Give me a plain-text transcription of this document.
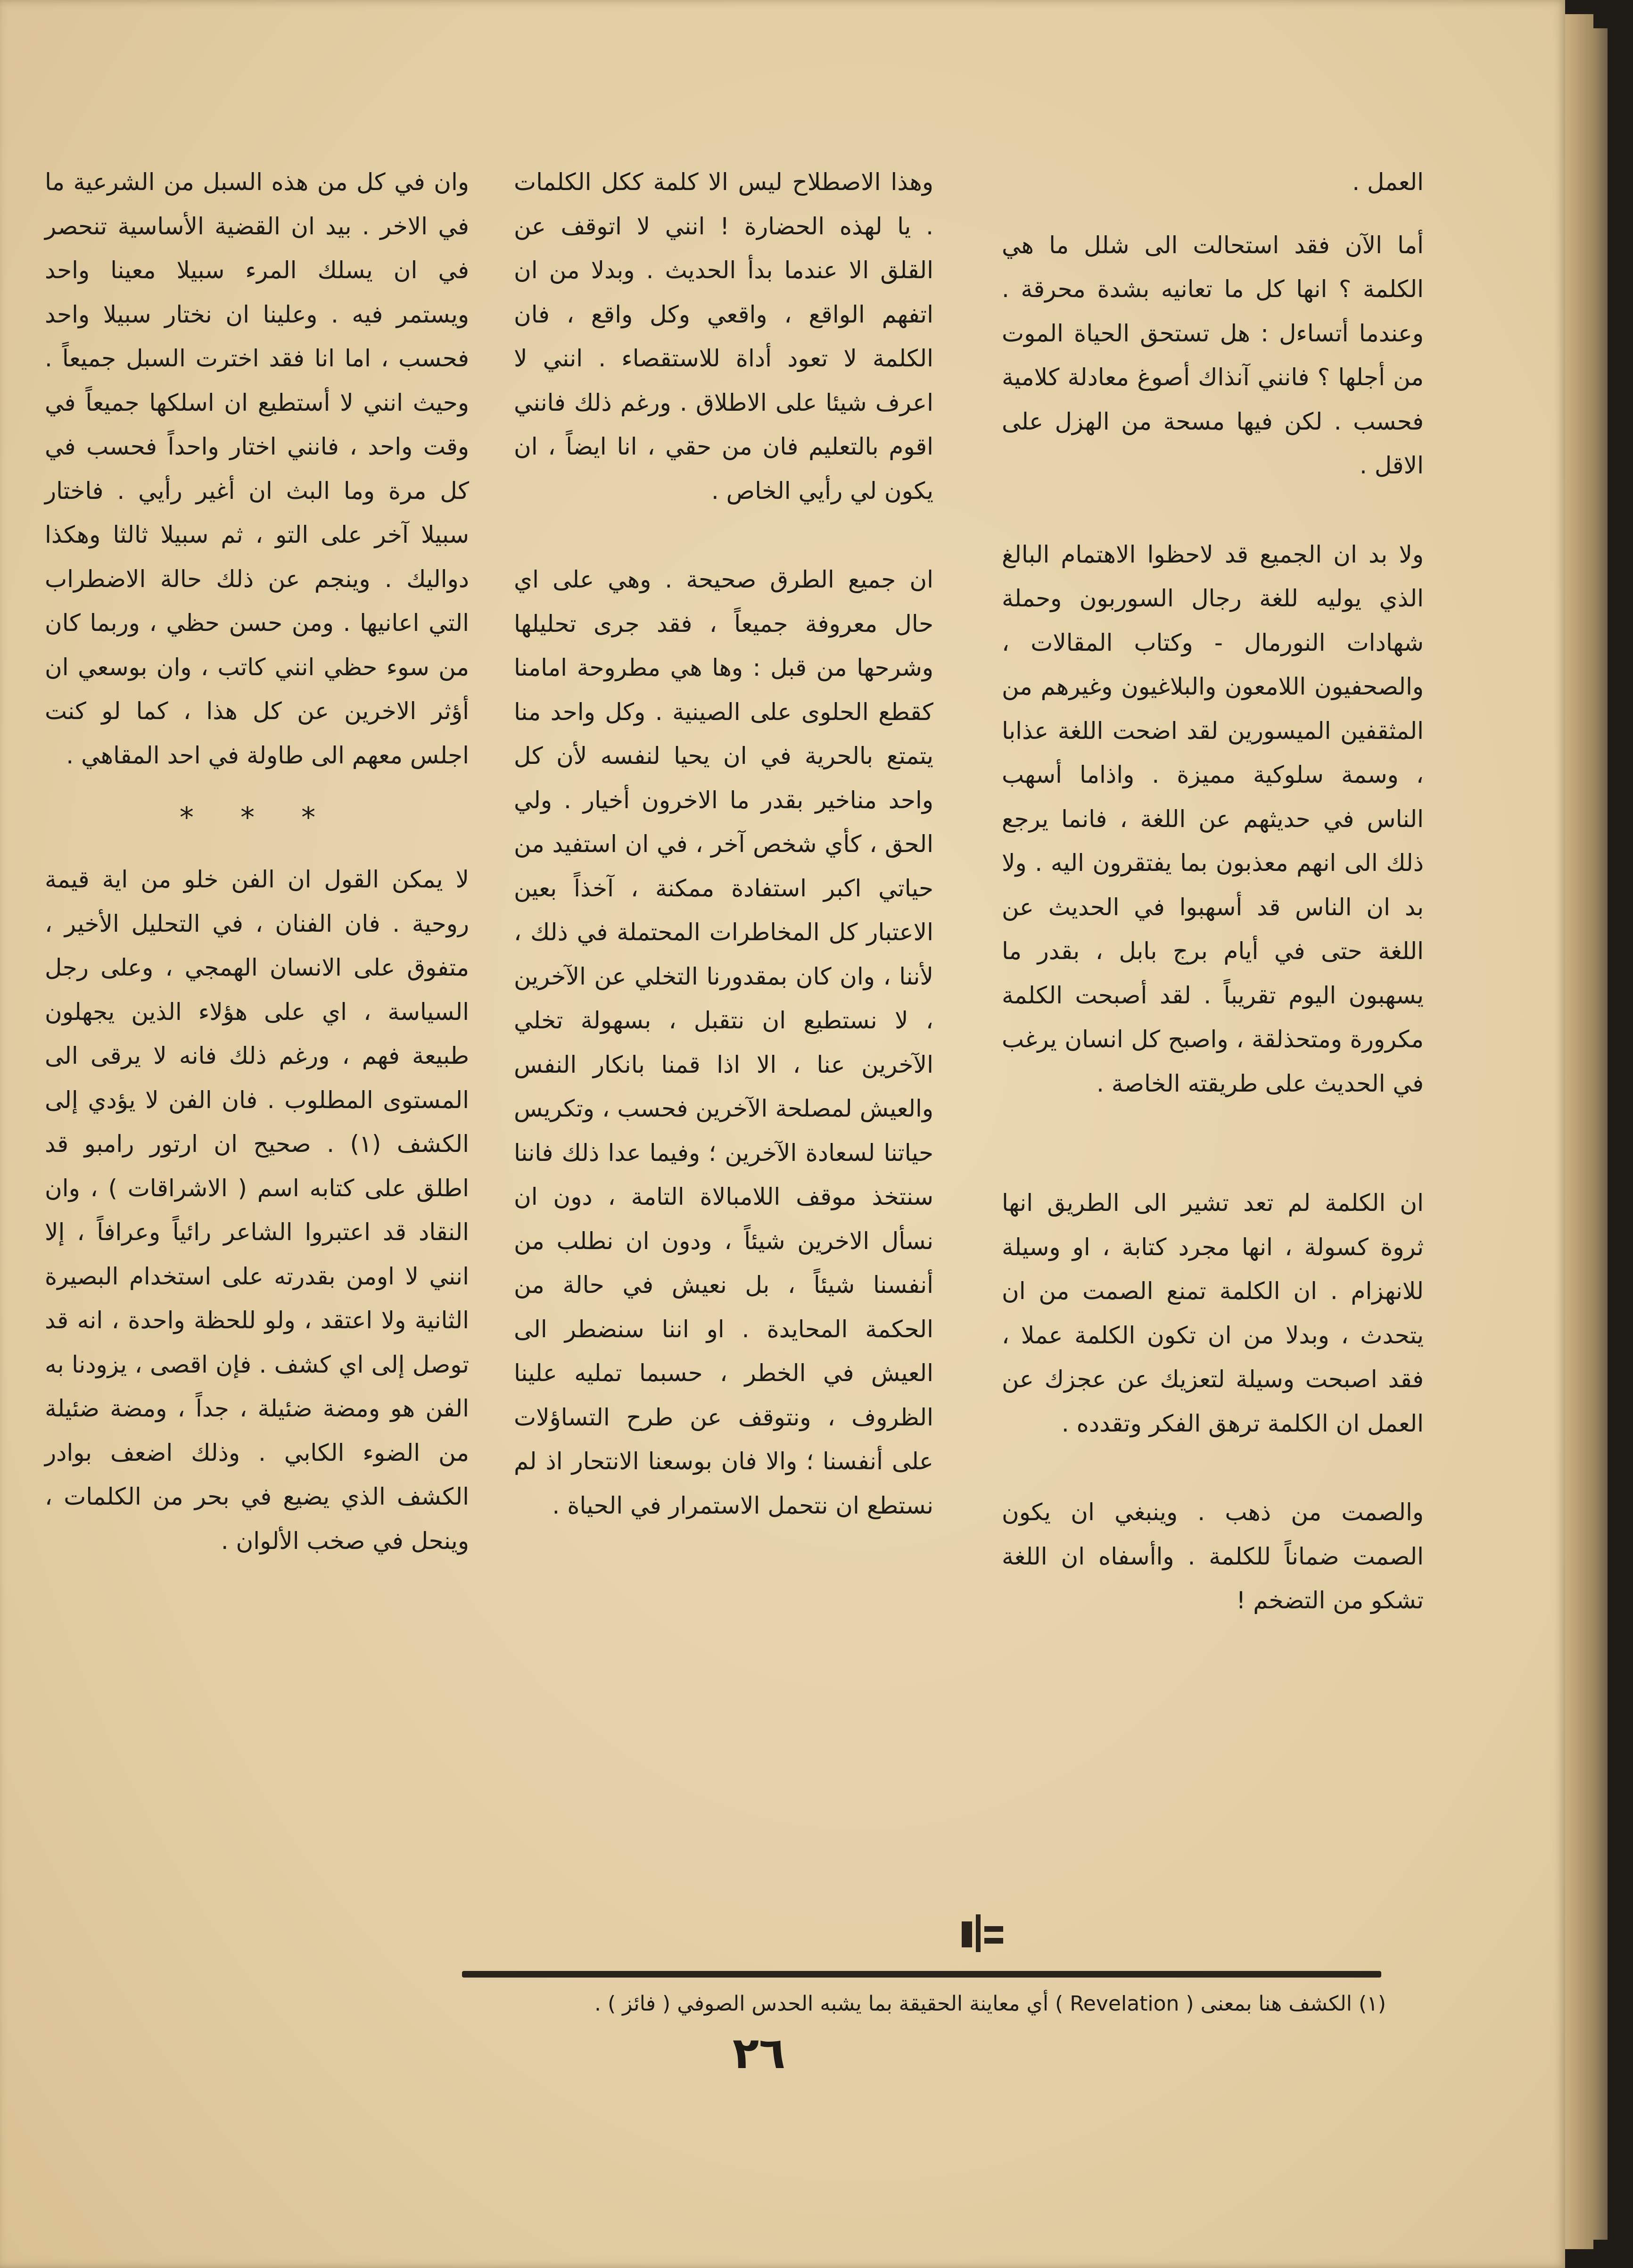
العمل .

أما الآن فقد استحالت الى شلل ما هي الكلمة ؟ انها كل ما تعانيه بشدة محرقة . وعندما أتساءل : هل تستحق الحياة الموت من أجلها ؟ فانني آنذاك أصوغ معادلة كلامية فحسب . لكن فيها مسحة من الهزل على الاقل .

ولا بد ان الجميع قد لاحظوا الاهتمام البالغ الذي يوليه للغة رجال السوربون وحملة شهادات النورمال - وكتاب المقالات ، والصحفيون اللامعون والبلاغيون وغيرهم من المثقفين الميسورين لقد اضحت اللغة عذابا ، وسمة سلوكية مميزة . واذاما أسهب الناس في حديثهم عن اللغة ، فانما يرجع ذلك الى انهم معذبون بما يفتقرون اليه . ولا بد ان الناس قد أسهبوا في الحديث عن اللغة حتى في أيام برج بابل ، بقدر ما يسهبون اليوم تقريباً . لقد أصبحت الكلمة مكرورة ومتحذلقة ، واصبح كل انسان يرغب في الحديث على طريقته الخاصة .

ان الكلمة لم تعد تشير الى الطريق انها ثروة كسولة ، انها مجرد كتابة ، او وسيلة للانهزام . ان الكلمة تمنع الصمت من ان يتحدث ، وبدلا من ان تكون الكلمة عملا ، فقد اصبحت وسيلة لتعزيك عن عجزك عن العمل ان الكلمة ترهق الفكر وتقدده .

والصمت من ذهب . وينبغي ان يكون الصمت ضماناً للكلمة . واأسفاه ان اللغة تشكو من التضخم !

وهذا الاصطلاح ليس الا كلمة ككل الكلمات . يا لهذه الحضارة ! انني لا اتوقف عن القلق الا عندما بدأ الحديث . وبدلا من ان اتفهم الواقع ، واقعي وكل واقع ، فان الكلمة لا تعود أداة للاستقصاء . انني لا اعرف شيئا على الاطلاق . ورغم ذلك فانني اقوم بالتعليم فان من حقي ، انا ايضاً ، ان يكون لي رأيي الخاص .

ان جميع الطرق صحيحة . وهي على اي حال معروفة جميعاً ، فقد جرى تحليلها وشرحها من قبل : وها هي مطروحة امامنا كقطع الحلوى على الصينية . وكل واحد منا يتمتع بالحرية في ان يحيا لنفسه لأن كل واحد مناخير بقدر ما الاخرون أخيار . ولي الحق ، كأي شخص آخر ، في ان استفيد من حياتي اكبر استفادة ممكنة ، آخذاً بعين الاعتبار كل المخاطرات المحتملة في ذلك ، لأننا ، وان كان بمقدورنا التخلي عن الآخرين ، لا نستطيع ان نتقبل ، بسهولة تخلي الآخرين عنا ، الا اذا قمنا بانكار النفس والعيش لمصلحة الآخرين فحسب ، وتكريس حياتنا لسعادة الآخرين ؛ وفيما عدا ذلك فاننا سنتخذ موقف اللامبالاة التامة ، دون ان نسأل الاخرين شيئاً ، ودون ان نطلب من أنفسنا شيئاً ، بل نعيش في حالة من الحكمة المحايدة . او اننا سنضطر الى العيش في الخطر ، حسبما تمليه علينا الظروف ، ونتوقف عن طرح التساؤلات على أنفسنا ؛ والا فان بوسعنا الانتحار اذ لم نستطع ان نتحمل الاستمرار في الحياة .

وان في كل من هذه السبل من الشرعية ما في الاخر . بيد ان القضية الأساسية تنحصر في ان يسلك المرء سبيلا معينا واحد ويستمر فيه . وعلينا ان نختار سبيلا واحد فحسب ، اما انا فقد اخترت السبل جميعاً . وحيث انني لا أستطيع ان اسلكها جميعاً في وقت واحد ، فانني اختار واحداً فحسب في كل مرة وما البث ان أغير رأيي . فاختار سبيلا آخر على التو ، ثم سبيلا ثالثا وهكذا دواليك . وينجم عن ذلك حالة الاضطراب التي اعانيها . ومن حسن حظي ، وربما كان من سوء حظي انني كاتب ، وان بوسعي ان أؤثر الاخرين عن كل هذا ، كما لو كنت اجلس معهم الى طاولة في احد المقاهي .

* * *

لا يمكن القول ان الفن خلو من اية قيمة روحية . فان الفنان ، في التحليل الأخير ، متفوق على الانسان الهمجي ، وعلى رجل السياسة ، اي على هؤلاء الذين يجهلون طبيعة فهم ، ورغم ذلك فانه لا يرقى الى المستوى المطلوب . فان الفن لا يؤدي إلى الكشف (١) . صحيح ان ارتور رامبو قد اطلق على كتابه اسم ( الاشراقات ) ، وان النقاد قد اعتبروا الشاعر رائياً وعرافاً ، إلا انني لا اومن بقدرته على استخدام البصيرة الثانية ولا اعتقد ، ولو للحظة واحدة ، انه قد توصل إلى اي كشف . فإن اقصى ، يزودنا به الفن هو ومضة ضئيلة ، جداً ، ومضة ضئيلة من الضوء الكابي . وذلك اضعف بوادر الكشف الذي يضيع في بحر من الكلمات ، وينحل في صخب الألوان .

(١) الكشف هنا بمعنى ( Revelation ) أي معاينة الحقيقة بما يشبه الحدس الصوفي ( فائز ) .
٢٦
